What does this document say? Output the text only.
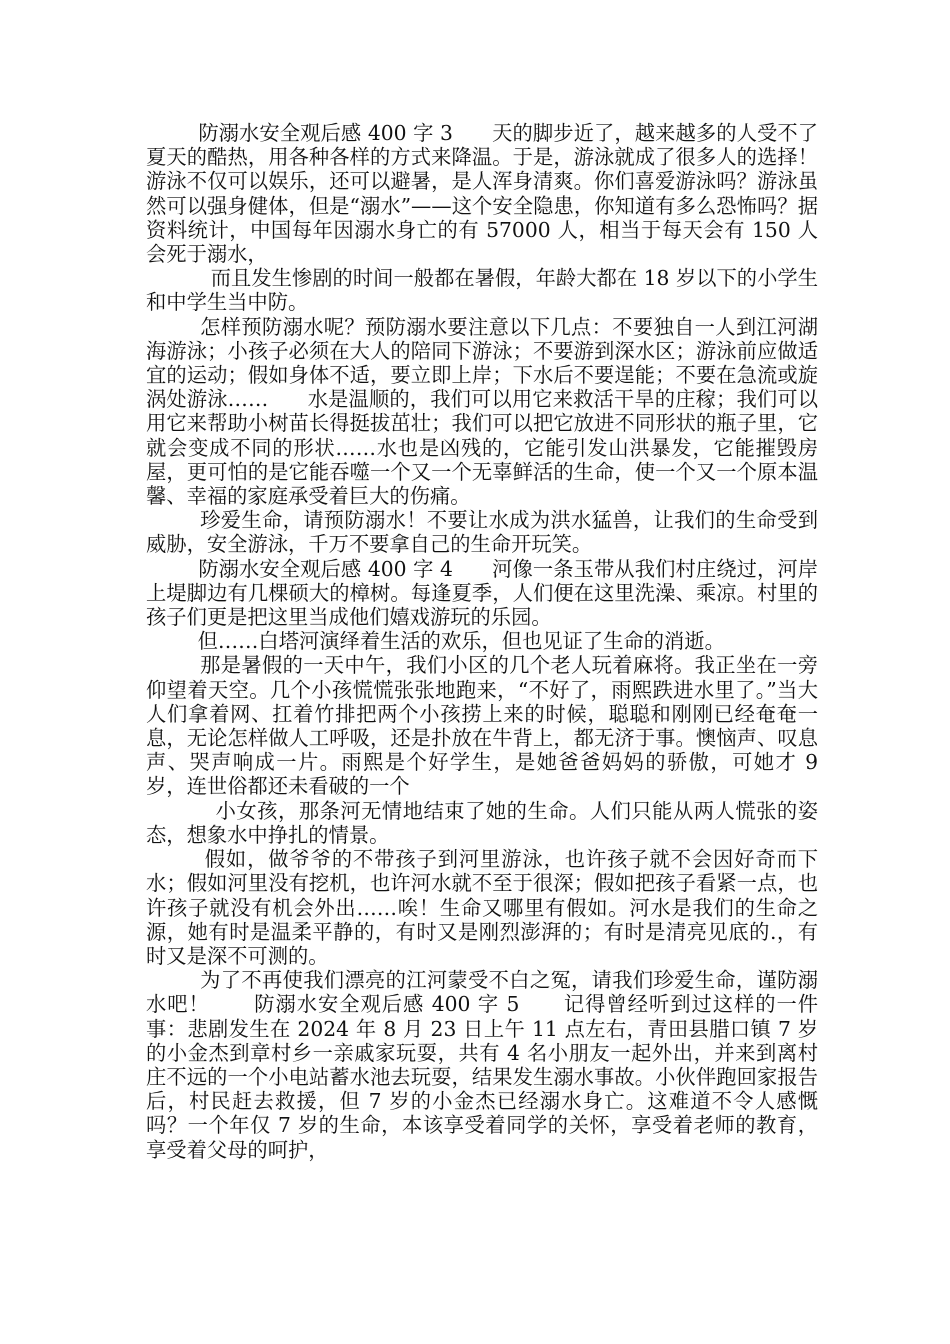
防溺水安全观后感 400 字 3      天的脚步近了，越来越多的人受不了夏天的酷热，用各种各样的方式来降温。于是，游泳就成了很多人的选择！      游泳不仅可以娱乐，还可以避暑，是人浑身清爽。你们喜爱游泳吗？游泳虽然可以强身健体，但是“溺水”——这个安全隐患，你知道有多么恐怖吗？据资料统计，中国每年因溺水身亡的有 57000 人，相当于每天会有 150 人会死于溺水，

而且发生惨剧的时间一般都在暑假，年龄大都在 18 岁以下的小学生和中学生当中防。

怎样预防溺水呢？预防溺水要注意以下几点：不要独自一人到江河湖海游泳；小孩子必须在大人的陪同下游泳；不要游到深水区；游泳前应做适宜的运动；假如身体不适，要立即上岸；下水后不要逞能；不要在急流或旋涡处游泳……      水是温顺的，我们可以用它来救活干旱的庄稼；我们可以用它来帮助小树苗长得挺拔茁壮；我们可以把它放进不同形状的瓶子里，它就会变成不同的形状……水也是凶残的，它能引发山洪暴发，它能摧毁房屋，更可怕的是它能吞噬一个又一个无辜鲜活的生命，使一个又一个原本温馨、幸福的家庭承受着巨大的伤痛。

珍爱生命，请预防溺水！不要让水成为洪水猛兽，让我们的生命受到威胁，安全游泳，千万不要拿自己的生命开玩笑。

防溺水安全观后感 400 字 4      河像一条玉带从我们村庄绕过，河岸上堤脚边有几棵硕大的樟树。每逢夏季，人们便在这里洗澡、乘凉。村里的孩子们更是把这里当成他们嬉戏游玩的乐园。

但……白塔河演绎着生活的欢乐，但也见证了生命的消逝。

那是暑假的一天中午，我们小区的几个老人玩着麻将。我正坐在一旁仰望着天空。几个小孩慌慌张张地跑来，“不好了，雨熙跌进水里了。”当大人们拿着网、扛着竹排把两个小孩捞上来的时候，聪聪和刚刚已经奄奄一息，无论怎样做人工呼吸，还是扑放在牛背上，都无济于事。懊恼声、叹息声、哭声响成一片。雨熙是个好学生，是她爸爸妈妈的骄傲，可她才 9 岁，连世俗都还未看破的一个

小女孩，那条河无情地结束了她的生命。人们只能从两人慌张的姿态，想象水中挣扎的情景。

假如，做爷爷的不带孩子到河里游泳，也许孩子就不会因好奇而下水；假如河里没有挖机，也许河水就不至于很深；假如把孩子看紧一点，也许孩子就没有机会外出……唉！生命又哪里有假如。河水是我们的生命之源，她有时是温柔平静的，有时又是刚烈澎湃的；有时是清亮见底的.，有时又是深不可测的。

为了不再使我们漂亮的江河蒙受不白之冤，请我们珍爱生命，谨防溺水吧！      防溺水安全观后感 400 字 5      记得曾经听到过这样的一件事：悲剧发生在 2024 年 8 月 23 日上午 11 点左右，青田县腊口镇 7 岁的小金杰到章村乡一亲戚家玩耍，共有 4 名小朋友一起外出，并来到离村庄不远的一个小电站蓄水池去玩耍，结果发生溺水事故。小伙伴跑回家报告后，村民赶去救援，但 7 岁的小金杰已经溺水身亡。这难道不令人感慨吗？一个年仅 7 岁的生命，本该享受着同学的关怀，享受着老师的教育，享受着父母的呵护，
